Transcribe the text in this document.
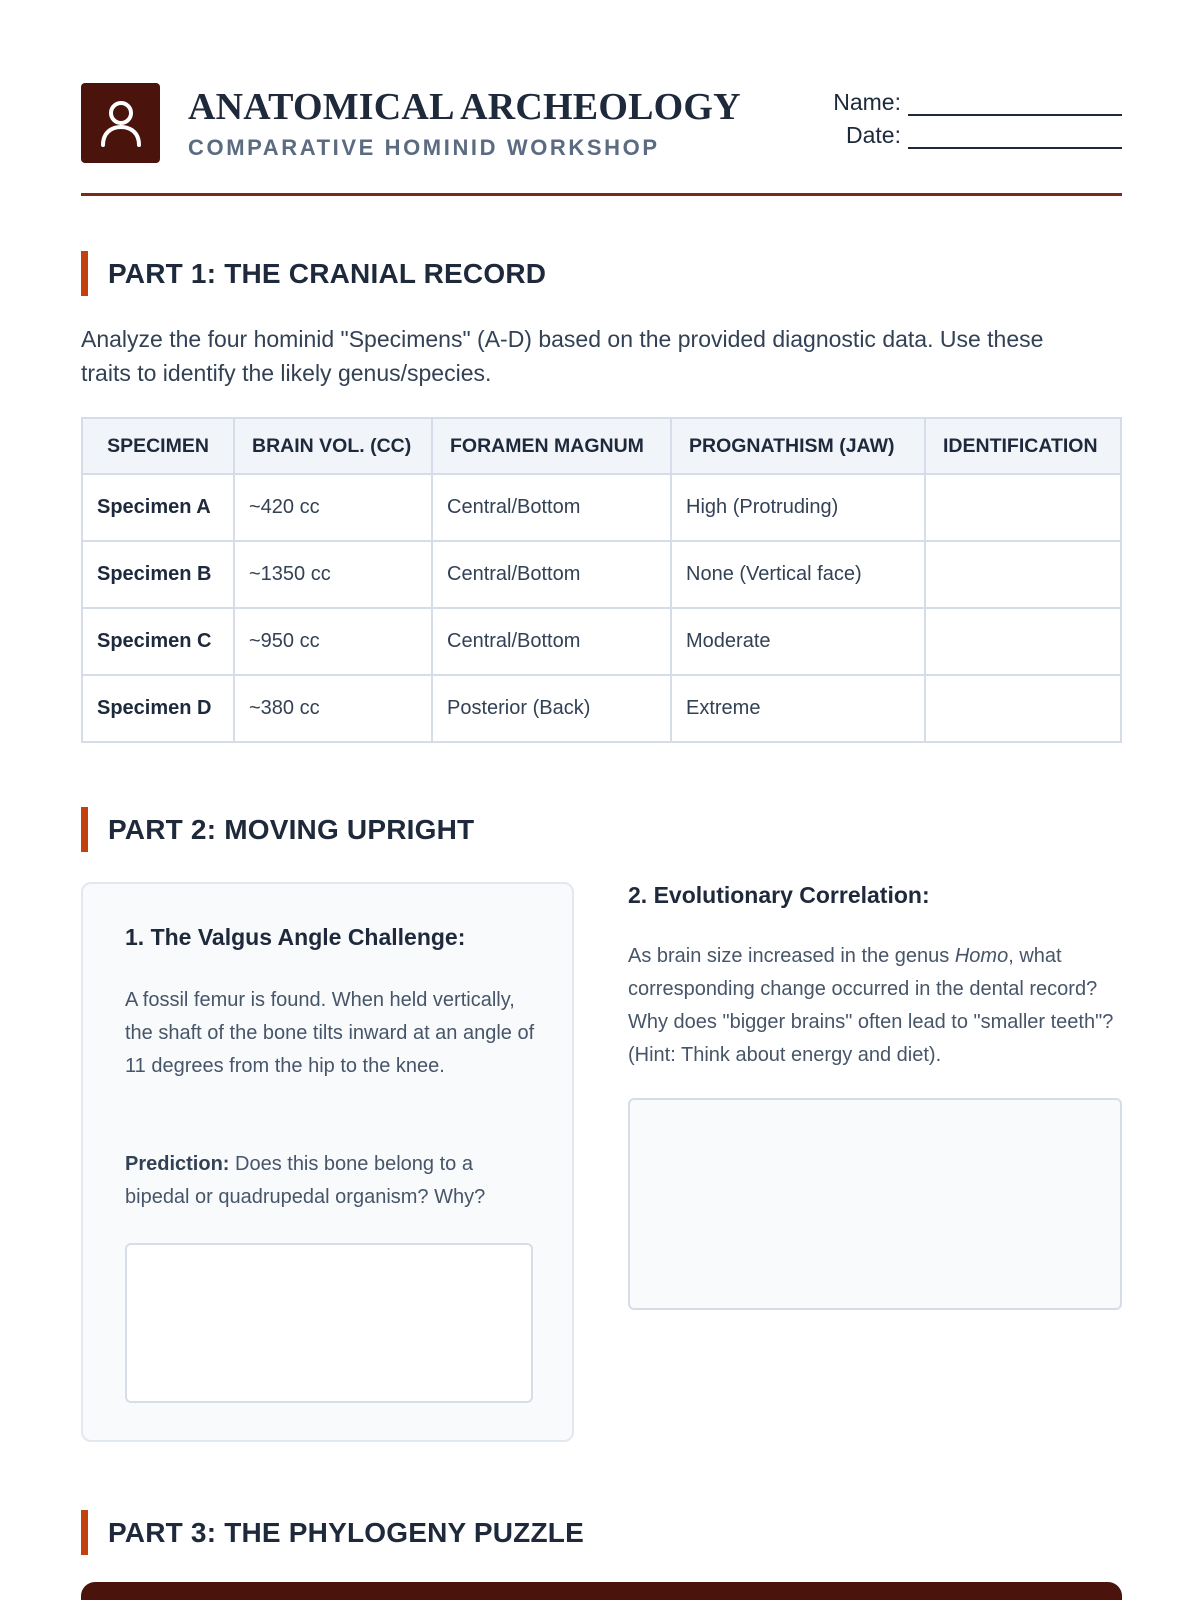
ANATOMICAL ARCHEOLOGY
COMPARATIVE HOMINID WORKSHOP
Name:
Date:
PART 1: THE CRANIAL RECORD
Analyze the four hominid "Specimens" (A-D) based on the provided diagnostic data. Use these traits to identify the likely genus/species.
SPECIMEN	BRAIN VOL. (CC)	FORAMEN MAGNUM	PROGNATHISM (JAW)	IDENTIFICATION
Specimen A	~420 cc	Central/Bottom	High (Protruding)	
Specimen B	~1350 cc	Central/Bottom	None (Vertical face)	
Specimen C	~950 cc	Central/Bottom	Moderate	
Specimen D	~380 cc	Posterior (Back)	Extreme	
PART 2: MOVING UPRIGHT
1. The Valgus Angle Challenge:

A fossil femur is found. When held vertically, the shaft of the bone tilts inward at an angle of 11 degrees from the hip to the knee.

Prediction: Does this bone belong to a bipedal or quadrupedal organism? Why?

2. Evolutionary Correlation:
As brain size increased in the genus Homo, what corresponding change occurred in the dental record? Why does "bigger brains" often lead to "smaller teeth"? (Hint: Think about energy and diet).
PART 3: THE PHYLOGENY PUZZLE
